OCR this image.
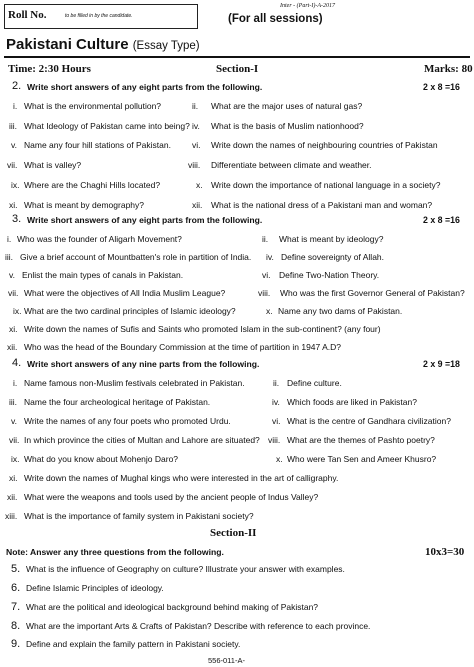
Roll No.	to be filled in by the candidate.
Inter - (Part-I)-A-2017
(For all sessions)
Pakistani Culture (Essay Type)
Time: 2:30 Hours	Section-I	Marks: 80
2. Write short answers of any eight parts from the following.	2 x 8 =16
i. What is the environmental pollution?	ii. What are the major uses of natural gas?
iii. What Ideology of Pakistan came into being? iv. What is the basis of Muslim nationhood?
v. Name any four hill stations of Pakistan. vi. Write down the names of neighbouring countries of Pakistan
vii. What is valley?	viii. Differentiate between climate and weather.
ix. Where are the Chaghi Hills located?	x. Write down the importance of national language in a society?
xi. What is meant by demography?	xii. What is the national dress of a Pakistani man and woman?
3. Write short answers of any eight parts from the following.	2 x 8 =16
i. Who was the founder of Aligarh Movement?	ii. What is meant by ideology?
iii. Give a brief account of Mountbatten's role in partition of India. iv. Define sovereignty of Allah.
v. Enlist the main types of canals in Pakistan.	vi. Define Two-Nation Theory.
vii. What were the objectives of All India Muslim League?	viii. Who was the first Governor General of Pakistan?
ix. What are the two cardinal principles of Islamic ideology?	x. Name any two dams of Pakistan.
xi. Write down the names of Sufis and Saints who promoted Islam in the sub-continent? (any four)
xii. Who was the head of the Boundary Commission at the time of partition in 1947 A.D?
4. Write short answers of any nine parts from the following.	2 x 9 =18
i. Name famous non-Muslim festivals celebrated in Pakistan.	ii. Define culture.
iii. Name the four archeological heritage of Pakistan.	iv. Which foods are liked in Pakistan?
v. Write the names of any four poets who promoted Urdu.	vi. What is the centre of Gandhara civilization?
vii. In which province the cities of Multan and Lahore are situated? viii. What are the themes of Pashto poetry?
ix. What do you know about Mohenjo Daro?	x. Who were Tan Sen and Ameer Khusro?
xi. Write down the names of Mughal kings who were interested in the art of calligraphy.
xii. What were the weapons and tools used by the ancient people of Indus Valley?
xiii. What is the importance of family system in Pakistani society?
Section-II
Note: Answer any three questions from the following.	10x3=30
5. What is the influence of Geography on culture? Illustrate your answer with examples.
6. Define Islamic Principles of ideology.
7. What are the political and ideological background behind making of Pakistan?
8. What are the important Arts & Crafts of Pakistan? Describe with reference to each province.
9. Define and explain the family pattern in Pakistani society.
556-011-A-
